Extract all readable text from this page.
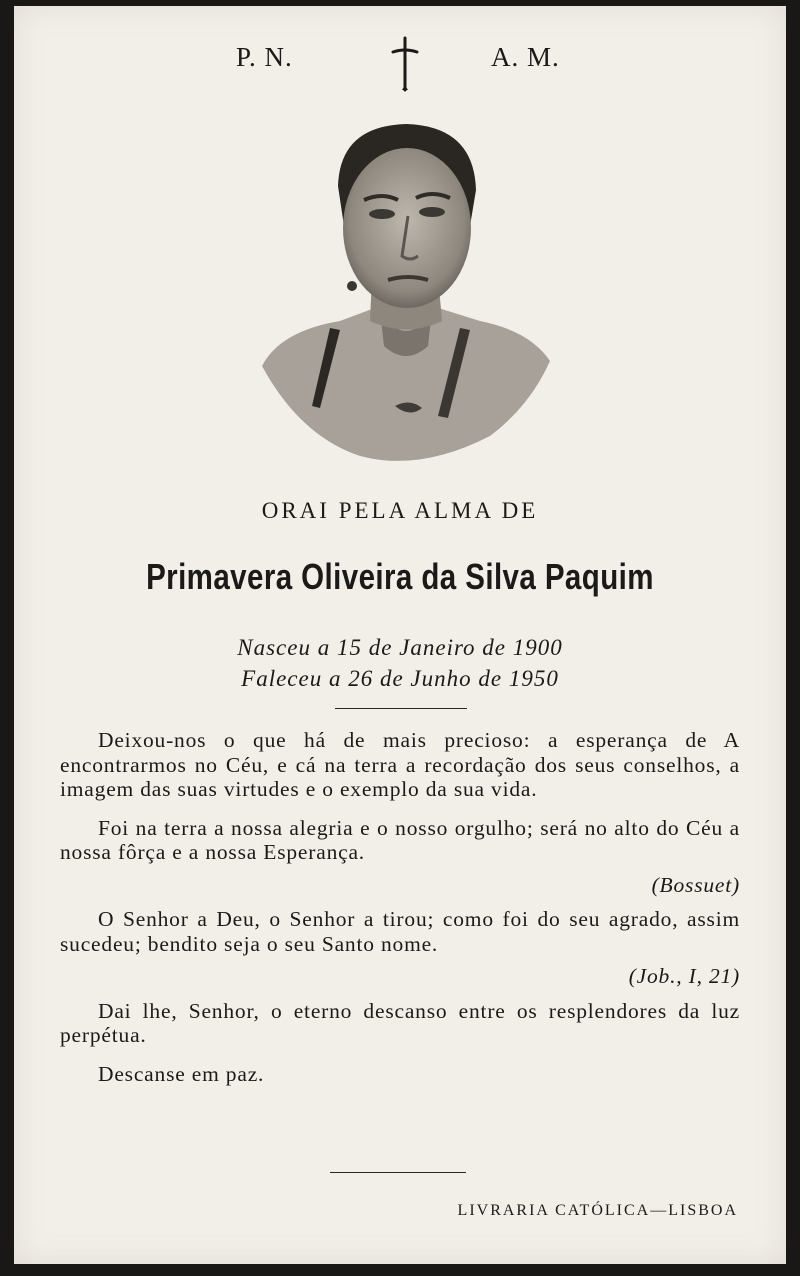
P. N.	A. M.
ORAI PELA ALMA DE
Primavera Oliveira da Silva Paquim
Nasceu a 15 de Janeiro de 1900
Faleceu a 26 de Junho de 1950

Deixou-nos o que há de mais precioso: a esperança de A encontrarmos no Céu, e cá na terra a recordação dos seus conselhos, a imagem das suas virtudes e o exemplo da sua vida.

Foi na terra a nossa alegria e o nosso orgulho; será no alto do Céu a nossa fôrça e a nossa Esperança.

(Bossuet)

O Senhor a Deu, o Senhor a tirou; como foi do seu agrado, assim sucedeu; bendito seja o seu Santo nome.

(Job., I, 21)

Dai lhe, Senhor, o eterno descanso entre os resplendores da luz perpétua.

Descanse em paz.

LIVRARIA CATÓLICA—LISBOA
